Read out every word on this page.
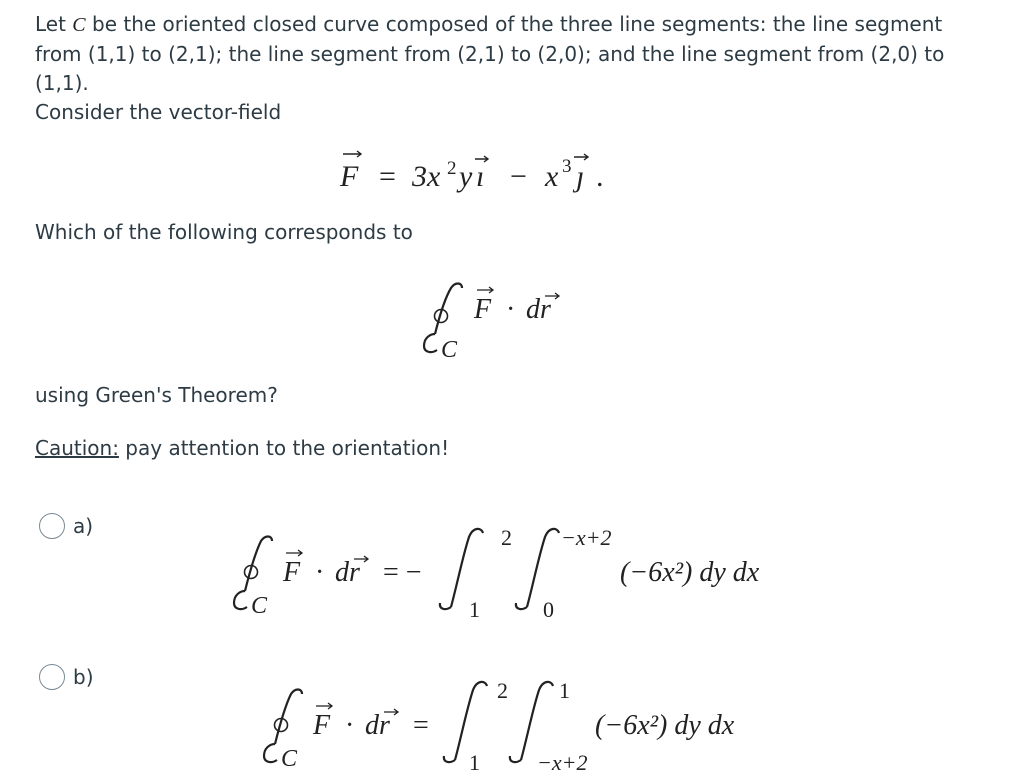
Let C be the oriented closed curve composed of the three line segments: the line segment from (1,1) to (2,1); the line segment from (2,1) to (2,0); and the line segment from (2,0) to (1,1).
Consider the vector-field
F = 3x 2 y ı − x 3 ȷ .
Which of the following corresponds to
C
F · dr
using Green's Theorem?
Caution: pay attention to the orientation!
a)
C
F · dr = −
2
1
−x+2
0
(−6x²) dy dx
b)
C
F · dr =
2
1
1
−x+2
(−6x²) dy dx
